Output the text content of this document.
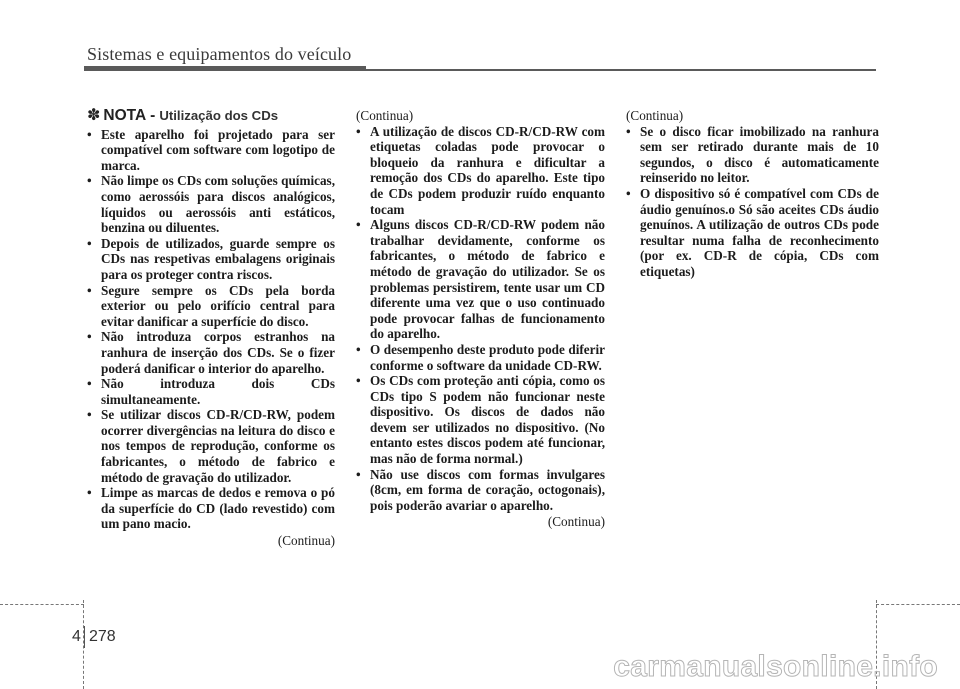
Sistemas e equipamentos do veículo
✽ NOTA - Utilização dos CDs
• Este aparelho foi projetado para ser compatível com software com logotipo de marca.
• Não limpe os CDs com soluções químicas, como aerossóis para discos analógicos, líquidos ou aerossóis anti estáticos, benzina ou diluentes.
• Depois de utilizados, guarde sempre os CDs nas respetivas embalagens originais para os proteger contra riscos.
• Segure sempre os CDs pela borda exterior ou pelo orifício central para evitar danificar a superfície do disco.
• Não introduza corpos estranhos na ranhura de inserção dos CDs. Se o fizer poderá danificar o interior do aparelho.
• Não introduza dois CDs simultaneamente.
• Se utilizar discos CD-R/CD-RW, podem ocorrer divergências na leitura do disco e nos tempos de reprodução, conforme os fabricantes, o método de fabrico e método de gravação do utilizador.
• Limpe as marcas de dedos e remova o pó da superfície do CD (lado revestido) com um pano macio.
(Continua)
(Continua)
• A utilização de discos CD-R/CD-RW com etiquetas coladas pode provocar o bloqueio da ranhura e dificultar a remoção dos CDs do aparelho. Este tipo de CDs podem produzir ruído enquanto tocam
• Alguns discos CD-R/CD-RW podem não trabalhar devidamente, conforme os fabricantes, o método de fabrico e método de gravação do utilizador. Se os problemas persistirem, tente usar um CD diferente uma vez que o uso continuado pode provocar falhas de funcionamento do aparelho.
• O desempenho deste produto pode diferir conforme o software da unidade CD-RW.
• Os CDs com proteção anti cópia, como os CDs tipo S podem não funcionar neste dispositivo. Os discos de dados não devem ser utilizados no dispositivo. (No entanto estes discos podem até funcionar, mas não de forma normal.)
• Não use discos com formas invulgares (8cm, em forma de coração, octogonais), pois poderão avariar o aparelho.
(Continua)
(Continua)
• Se o disco ficar imobilizado na ranhura sem ser retirado durante mais de 10 segundos, o disco é automaticamente reinserido no leitor.
• O dispositivo só é compatível com CDs de áudio genuínos.o Só são aceites CDs áudio genuínos. A utilização de outros CDs pode resultar numa falha de reconhecimento (por ex. CD-R de cópia, CDs com etiquetas)
4 278
carmanualsonline.info
